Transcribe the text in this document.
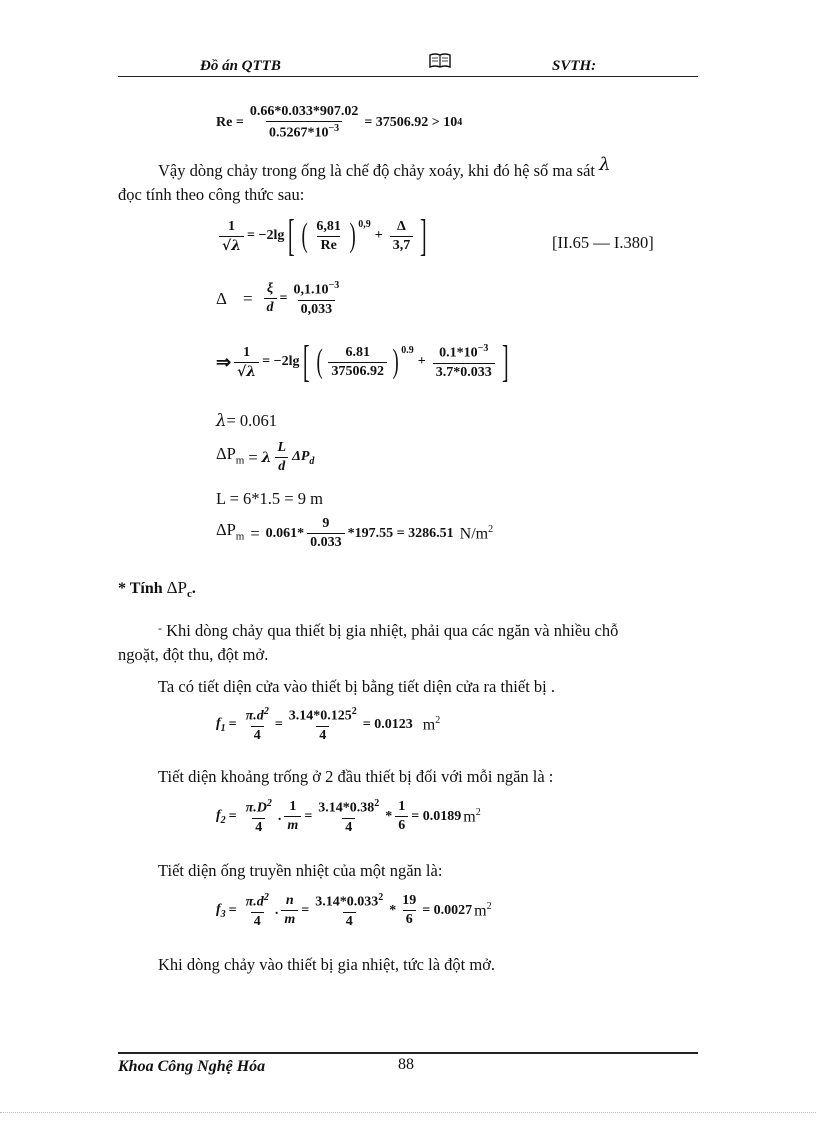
Đồ án QTTB	SVTH:
$Re = \frac{0.66*0.033*907.02}{0.5267*10^{-3}} = 37506.92 > 10$ 4
Vậy dòng chảy trong ống là chế độ chảy xoáy, khi đó hệ số ma sát λ
đọc tính theo công thức sau:
$\frac{1}{√\lambda} = -2\lg$ [ ( $\frac{6,81}{Re}$ ) $^{0,9}$
+ $\frac{\Delta}{3,7}$ ]	[II.65 — I.380]
$\Delta = \frac{\xi}{d} = \frac{0,1.10^{-3}}{0,033}$
⇒ $\frac{1}{√\lambda} = -2\lg$ [ ( $\frac{6.81}{37506.92}$ ) $^{0.9}$
+ $\frac{0.1*10^{-3}}{3.7*0.033}$ ]
λ= 0.061
$\Delta P_m = \lambda \frac{L}{d} \Delta P_d$
L = 6*1.5 = 9 m
$\Delta P_m = 0.061* \frac{9}{0.033} *197.55 = 3286.51$ $N/m^2$
* Tính $\Delta P_c$.
- Khi dòng chảy qua thiết bị gia nhiệt, phải qua các ngăn và nhiều chỗ
ngoặt, đột thu, đột mở.
Ta có tiết diện cửa vào thiết bị bằng tiết diện cửa ra thiết bị .
$f_1 = \frac{\pi.d^2}{4} = \frac{3.14*0.125^2}{4} = 0.0123$ $m^2$
Tiết diện khoảng trống ở 2 đầu thiết bị đối với mỗi ngăn là :
$f_2 = \frac{\pi.D^2}{4}$ . $\frac{1}{m} = \frac{3.14*0.38^2}{4} * \frac{1}{6} = 0.0189$ $m^2$
Tiết diện ống truyền nhiệt của một ngăn là:
$f_3 = \frac{\pi.d^2}{4}$ . $\frac{n}{m} = \frac{3.14*0.033^2}{4} * \frac{19}{6} = 0.0027$ $m^2$
Khi dòng chảy vào thiết bị gia nhiệt, tức là đột mở.
Khoa Công Nghệ Hóa	88
